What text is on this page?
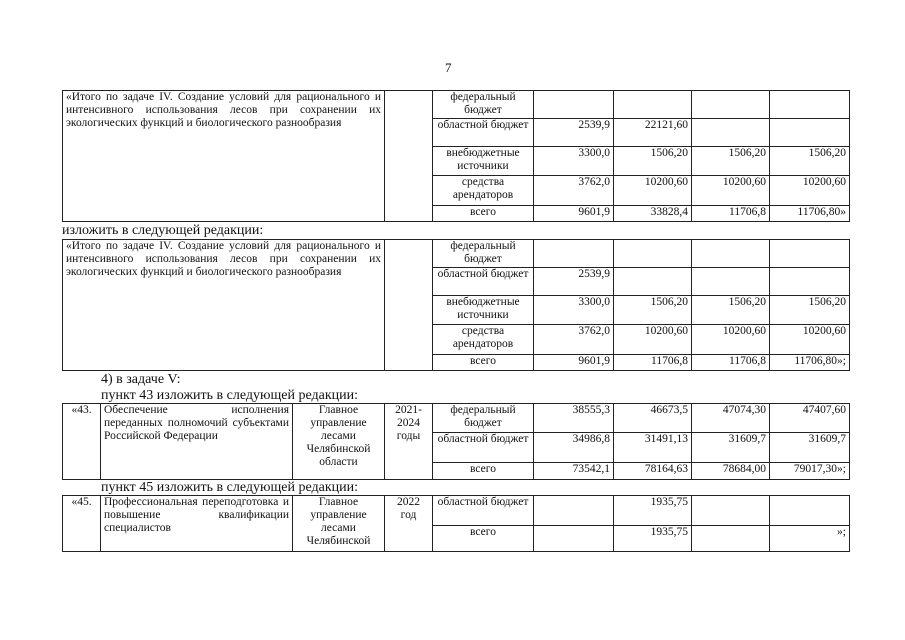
7
«Итого по задаче IV. Создание условий для рационального и интенсивного использования лесов при сохранении их экологических функций и биологического разнообразия		федеральный бюджет				
		областной бюджет	2539,9	22121,60		
		внебюджетные источники	3300,0	1506,20	1506,20	1506,20
		средства арендаторов	3762,0	10200,60	10200,60	10200,60
		всего	9601,9	33828,4	11706,8	11706,80»
изложить в следующей редакции:
«Итого по задаче IV. Создание условий для рационального и интенсивного использования лесов при сохранении их экологических функций и биологического разнообразия		федеральный бюджет				
		областной бюджет	2539,9			
		внебюджетные источники	3300,0	1506,20	1506,20	1506,20
		средства арендаторов	3762,0	10200,60	10200,60	10200,60
		всего	9601,9	11706,8	11706,8	11706,80»;
4) в задаче V:
пункт 43 изложить в следующей редакции:
«43.	Обеспечение исполнения переданных полномочий субъектами Российской Федерации	Главное управление лесами Челябинской области	2021-2024 годы	федеральный бюджет	38555,3	46673,5	47074,30	47407,60
				областной бюджет	34986,8	31491,13	31609,7	31609,7
				всего	73542,1	78164,63	78684,00	79017,30»;
пункт 45 изложить в следующей редакции:
«45.	Профессиональная переподготовка и повышение квалификации специалистов	Главное управление лесами Челябинской	2022 год	областной бюджет		1935,75		
				всего		1935,75		»;
